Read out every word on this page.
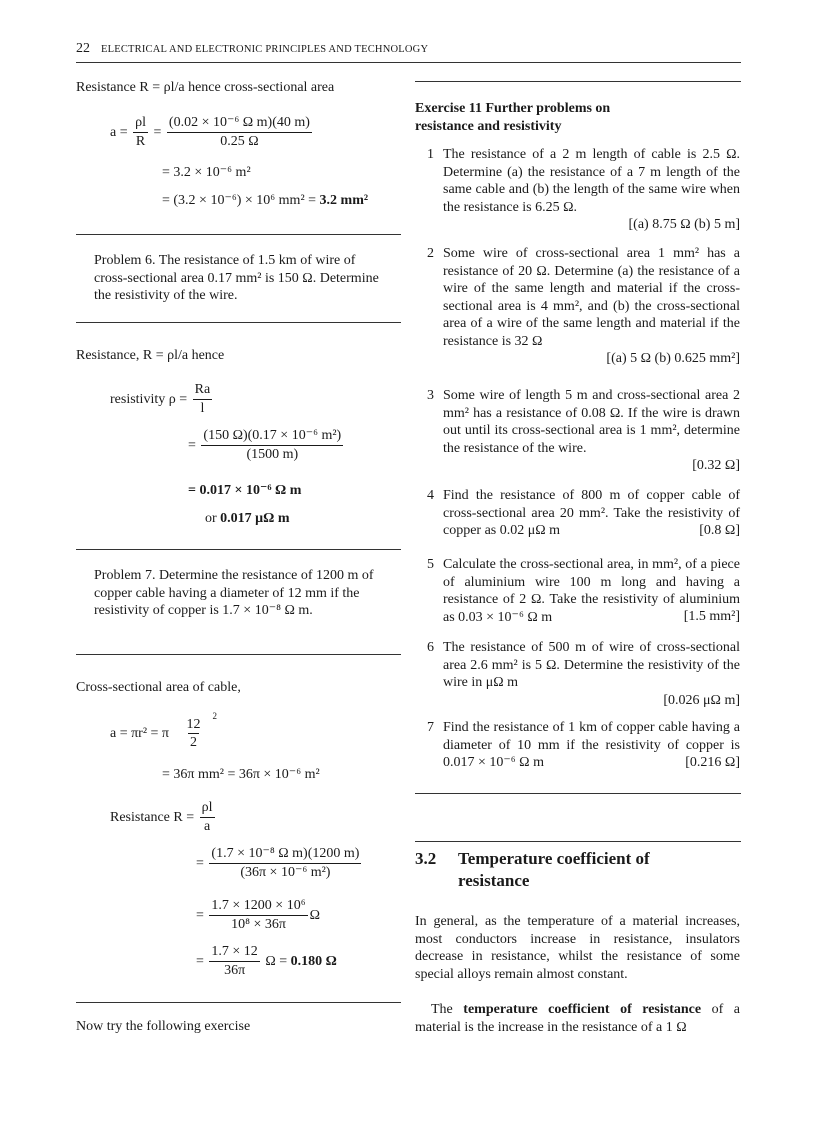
22 ELECTRICAL AND ELECTRONIC PRINCIPLES AND TECHNOLOGY
Resistance R = ρl/a hence cross-sectional area
$a = \frac{\rho l}{R} = \frac{\text{(0.02 × 10⁻⁶ Ω m)(40 m)}}{0.25 \Omega}$
= 3.2 × 10⁻⁶ m²
= (3.2 × 10⁻⁶) × 10⁶ mm² = 3.2 mm²
Problem 6. The resistance of 1.5 km of wire of cross-sectional area 0.17 mm² is 150 Ω. Determine the resistivity of the wire.
Resistance, R = ρl/a hence
resistivity $\rho = \frac{Ra}{l}$
= $\frac{\text{(150 Ω)(0.17 × 10⁻⁶ m²)}}{(1500 m)}$
= 0.017 × 10⁻⁶ Ω m
or 0.017 μΩ m
Problem 7. Determine the resistance of 1200 m of copper cable having a diameter of 12 mm if the resistivity of copper is 1.7 × 10⁻⁸ Ω m.
Cross-sectional area of cable,
a = πr² = π $\frac{12}{2}$
$^2$
= 36π mm² = 36π × 10⁻⁶ m²
Resistance $R = \frac{\rho l}{a}$
= $\frac{\text{(1.7 × 10⁻⁸ Ω m)(1200 m)}}{\text{(36π × 10⁻⁶ m²)}}$
= $\frac{\text{1.7 × 1200 × 10⁶}}{\text{10⁸ × 36π}}$ Ω
= $\frac{1.7 \times 12}{36\pi}$ Ω = 0.180 Ω
Now try the following exercise
Exercise 11 Further problems on
resistance and resistivity
1 The resistance of a 2 m length of cable is 2.5 Ω. Determine (a) the resistance of a 7 m length of the same cable and (b) the length of the same wire when the resistance is 6.25 Ω.
[(a) 8.75 Ω (b) 5 m]
2 Some wire of cross-sectional area 1 mm² has a resistance of 20 Ω. Determine (a) the resistance of a wire of the same length and material if the cross-sectional area is 4 mm², and (b) the cross-sectional area of a wire of the same length and material if the resistance is 32 Ω
[(a) 5 Ω (b) 0.625 mm²]
3 Some wire of length 5 m and cross-sectional area 2 mm² has a resistance of 0.08 Ω. If the wire is drawn out until its cross-sectional area is 1 mm², determine the resistance of the wire.
[0.32 Ω]
4 Find the resistance of 800 m of copper cable of cross-sectional area 20 mm². Take the resistivity of copper as 0.02 μΩ m	[0.8 Ω]
5 Calculate the cross-sectional area, in mm², of a piece of aluminium wire 100 m long and having a resistance of 2 Ω. Take the resistivity of aluminium as 0.03 × 10⁻⁶ Ω m	[1.5 mm²]
6 The resistance of 500 m of wire of cross-sectional area 2.6 mm² is 5 Ω. Determine the resistivity of the wire in μΩ m
[0.026 μΩ m]
7 Find the resistance of 1 km of copper cable having a diameter of 10 mm if the resistivity of copper is 0.017 × 10⁻⁶ Ω m	[0.216 Ω]
3.2 Temperature coefficient of
resistance
In general, as the temperature of a material increases, most conductors increase in resistance, insulators decrease in resistance, whilst the resistance of some special alloys remain almost constant.
The temperature coefficient of resistance of a material is the increase in the resistance of a 1 Ω
